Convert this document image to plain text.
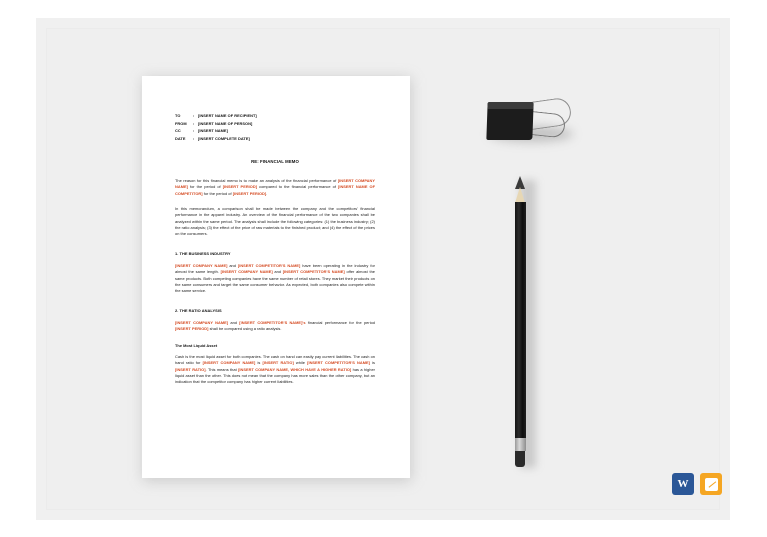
TO	:	[INSERT NAME OF RECIPIENT]
FROM	:	[INSERT NAME OF PERSON]
CC	:	[INSERT NAME]
DATE	:	[INSERT COMPLETE DATE]
RE: FINANCIAL MEMO

The reason for this financial memo is to make an analysis of the financial performance of [INSERT COMPANY NAME] for the period of [INSERT PERIOD] compared to the financial performance of [INSERT NAME OF COMPETITOR] for the period of [INSERT PERIOD].

In this memorandum, a comparison shall be made between the company and the competitors' financial performance in the apparel industry. An overview of the financial performance of the two companies shall be analyzed within the same period. The analysis shall include the following categories: (1) the business industry; (2) the ratio analysis; (3) the effect of the price of raw materials to the finished product; and (4) the effect of the prices on the consumers.

1. THE BUSINESS INDUSTRY

[INSERT COMPANY NAME] and [INSERT COMPETITOR'S NAME] have been operating in the industry for almost the same length. [INSERT COMPANY NAME] and [INSERT COMPETITOR'S NAME] offer almost the same products. Both competing companies have the same number of retail stores. They market their products on the same consumers and target the same consumer behavior. As expected, both companies also compete within the same service.

2. THE RATIO ANALYSIS

[INSERT COMPANY NAME] and [INSERT COMPETITOR'S NAME]'s financial performance for the period [INSERT PERIOD] shall be compared using a ratio analysis.

The Most Liquid Asset

Cash is the most liquid asset for both companies. The cash on hand can easily pay current liabilities. The cash on hand ratio for [INSERT COMPANY NAME] is [INSERT RATIO] while [INSERT COMPETITOR'S NAME] is [INSERT RATIO]. This means that [INSERT COMPANY NAME, WHICH HAVE A HIGHER RATIO] has a higher liquid asset than the other. This does not mean that the company has more sales than the other company, but an indication that the competitor company has higher current liabilities.

W
